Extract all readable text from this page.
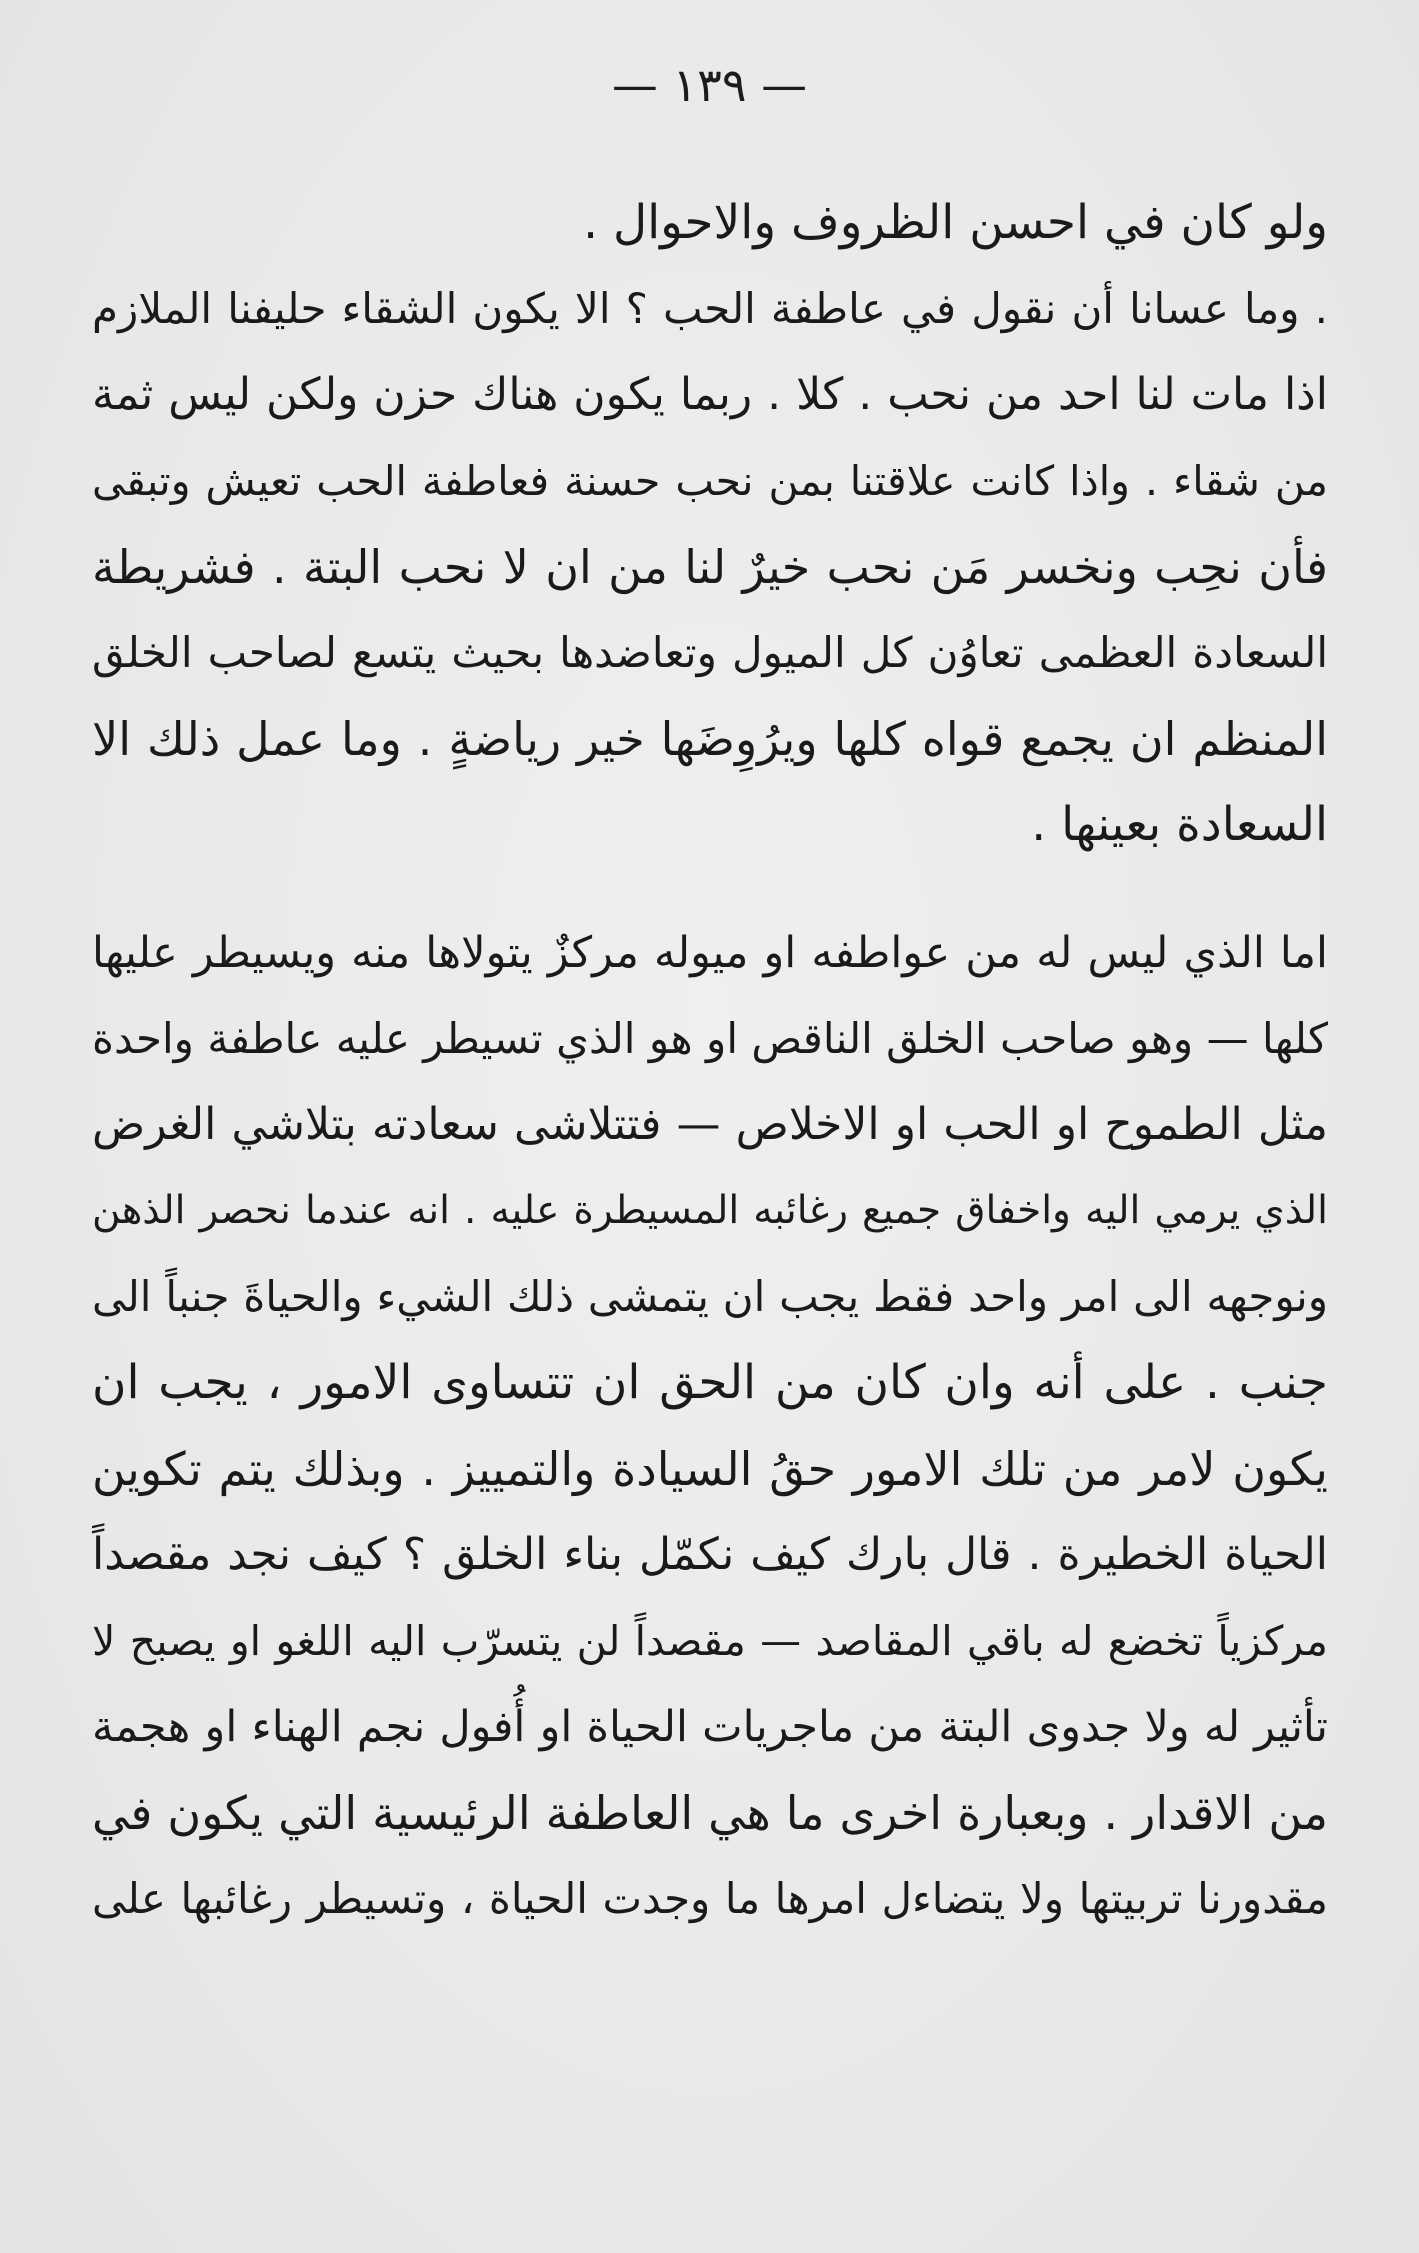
— ١٣٩ —
ولو كان في احسن الظروف والاحوال .
. وما عسانا أن نقول في عاطفة الحب ؟ الا يكون الشقاء حليفنا الملازم
اذا مات لنا احد من نحب . كلا . ربما يكون هناك حزن ولكن ليس ثمة
من شقاء . واذا كانت علاقتنا بمن نحب حسنة فعاطفة الحب تعيش وتبقى
فأن نحِب ونخسر مَن نحب خيرٌ لنا من ان لا نحب البتة . فشريطة
السعادة العظمى تعاوُن كل الميول وتعاضدها بحيث يتسع لصاحب الخلق
المنظم ان يجمع قواه كلها ويرُوِضَها خير رياضةٍ . وما عمل ذلك الا
السعادة بعينها .
اما الذي ليس له من عواطفه او ميوله مركزٌ يتولاها منه ويسيطر عليها
كلها — وهو صاحب الخلق الناقص او هو الذي تسيطر عليه عاطفة واحدة
مثل الطموح او الحب او الاخلاص — فتتلاشى سعادته بتلاشي الغرض
الذي يرمي اليه واخفاق جميع رغائبه المسيطرة عليه . انه عندما نحصر الذهن
ونوجهه الى امر واحد فقط يجب ان يتمشى ذلك الشيء والحياةَ جنباً الى
جنب . على أنه وان كان من الحق ان تتساوى الامور ، يجب ان
يكون لامر من تلك الامور حقُ السيادة والتمييز . وبذلك يتم تكوين
الحياة الخطيرة . قال بارك كيف نكمّل بناء الخلق ؟ كيف نجد مقصداً
مركزياً تخضع له باقي المقاصد — مقصداً لن يتسرّب اليه اللغو او يصبح لا
تأثير له ولا جدوى البتة من ماجريات الحياة او أُفول نجم الهناء او هجمة
من الاقدار . وبعبارة اخرى ما هي العاطفة الرئيسية التي يكون في
مقدورنا تربيتها ولا يتضاءل امرها ما وجدت الحياة ، وتسيطر رغائبها على
